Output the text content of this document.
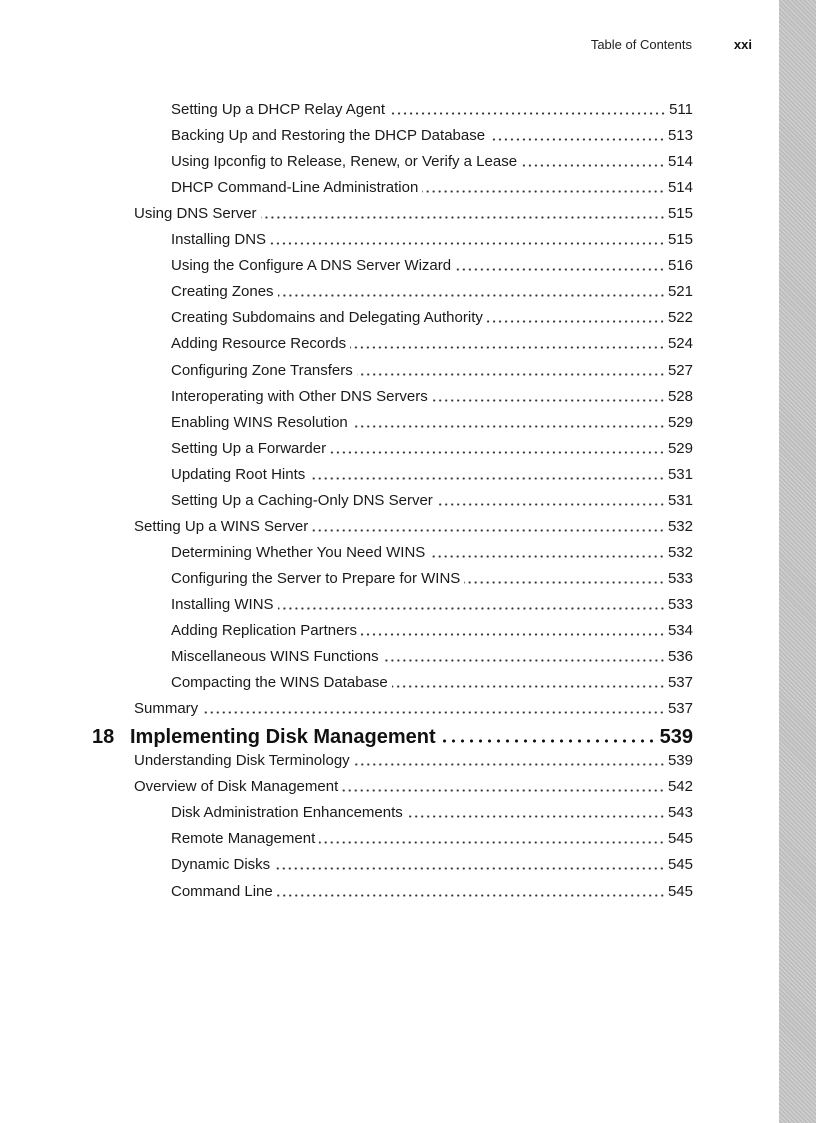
Table of Contents	xxi
Setting Up a DHCP Relay Agent	511
Backing Up and Restoring the DHCP Database	513
Using Ipconfig to Release, Renew, or Verify a Lease	514
DHCP Command-Line Administration	514
Using DNS Server	515
Installing DNS	515
Using the Configure A DNS Server Wizard	516
Creating Zones	521
Creating Subdomains and Delegating Authority	522
Adding Resource Records	524
Configuring Zone Transfers	527
Interoperating with Other DNS Servers	528
Enabling WINS Resolution	529
Setting Up a Forwarder	529
Updating Root Hints	531
Setting Up a Caching-Only DNS Server	531
Setting Up a WINS Server	532
Determining Whether You Need WINS	532
Configuring the Server to Prepare for WINS	533
Installing WINS	533
Adding Replication Partners	534
Miscellaneous WINS Functions	536
Compacting the WINS Database	537
Summary	537
18 Implementing Disk Management	539
Understanding Disk Terminology	539
Overview of Disk Management	542
Disk Administration Enhancements	543
Remote Management	545
Dynamic Disks	545
Command Line	545
